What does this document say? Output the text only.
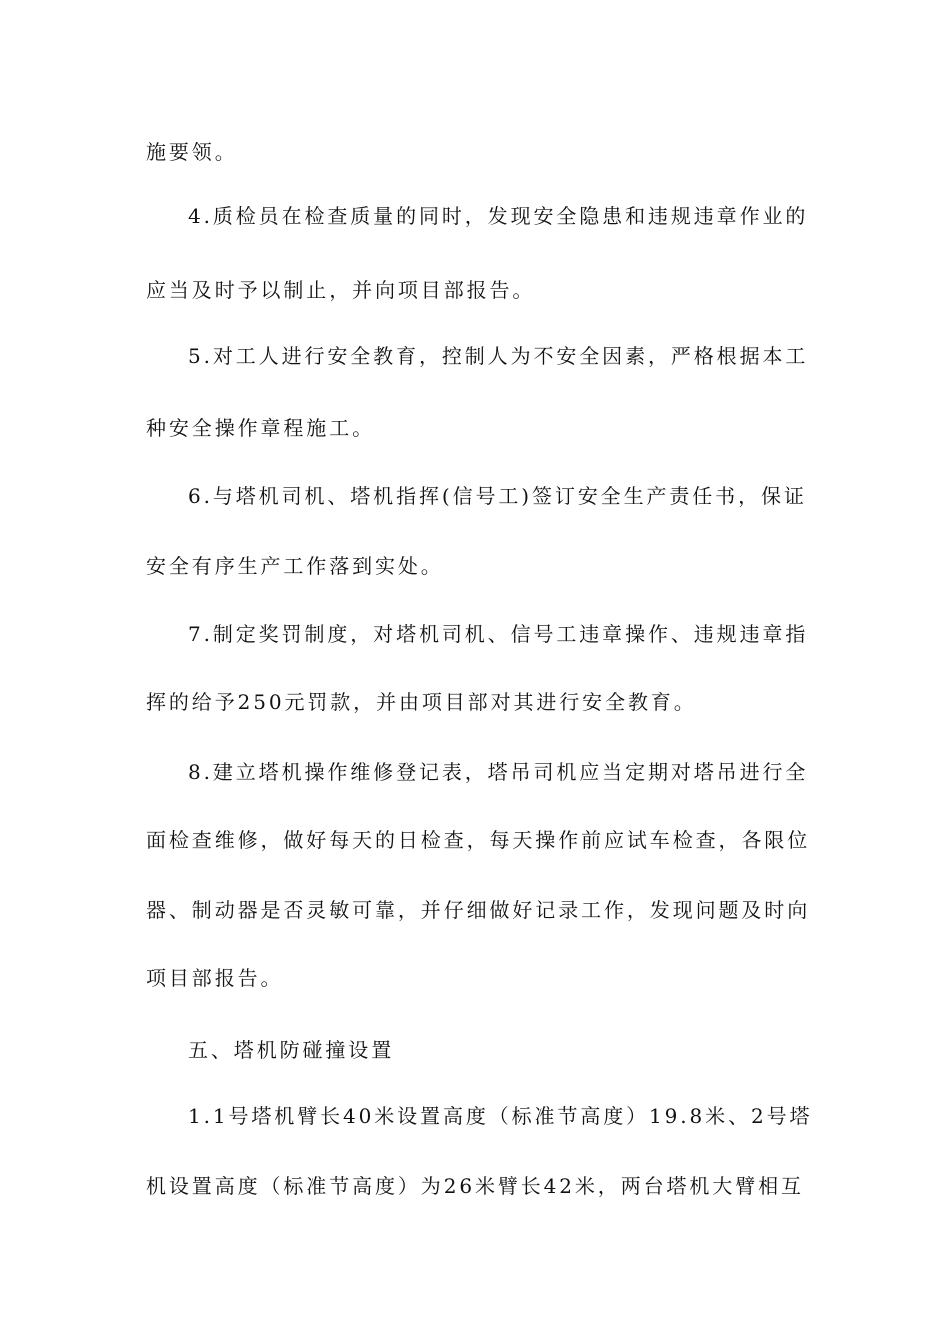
施要领。
4.质检员在检查质量的同时，发现安全隐患和违规违章作业的
应当及时予以制止，并向项目部报告。
5.对工人进行安全教育，控制人为不安全因素，严格根据本工
种安全操作章程施工。
6.与塔机司机、塔机指挥(信号工)签订安全生产责任书，保证
安全有序生产工作落到实处。
7.制定奖罚制度，对塔机司机、信号工违章操作、违规违章指
挥的给予250元罚款，并由项目部对其进行安全教育。
8.建立塔机操作维修登记表，塔吊司机应当定期对塔吊进行全
面检查维修，做好每天的日检查，每天操作前应试车检查，各限位
器、制动器是否灵敏可靠，并仔细做好记录工作，发现问题及时向
项目部报告。
五、塔机防碰撞设置
1.1号塔机臂长40米设置高度（标准节高度）19.8米、2号塔
机设置高度（标准节高度）为26米臂长42米，两台塔机大臂相互
